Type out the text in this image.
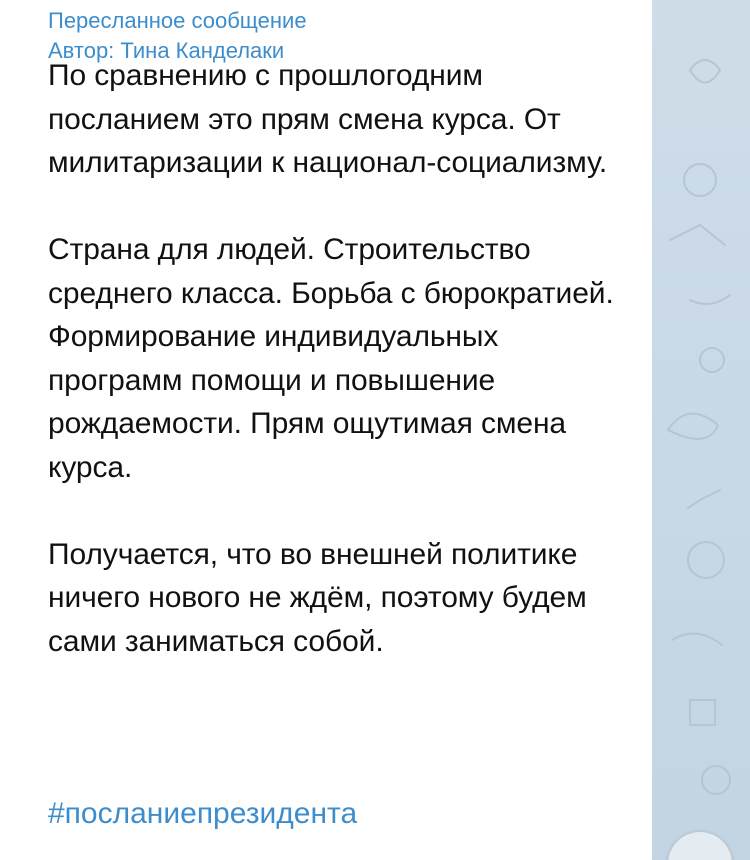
Пересланное сообщение
Автор: Тина Канделаки

По сравнению с прошлогодним посланием это прям смена курса. От милитаризации к национал-социализму.

Страна для людей. Строительство среднего класса. Борьба с бюрократией. Формирование индивидуальных программ помощи и повышение рождаемости. Прям ощутимая смена курса.

Получается, что во внешней политике ничего нового не ждём, поэтому будем сами заниматься собой.

#посланиепрезидента
